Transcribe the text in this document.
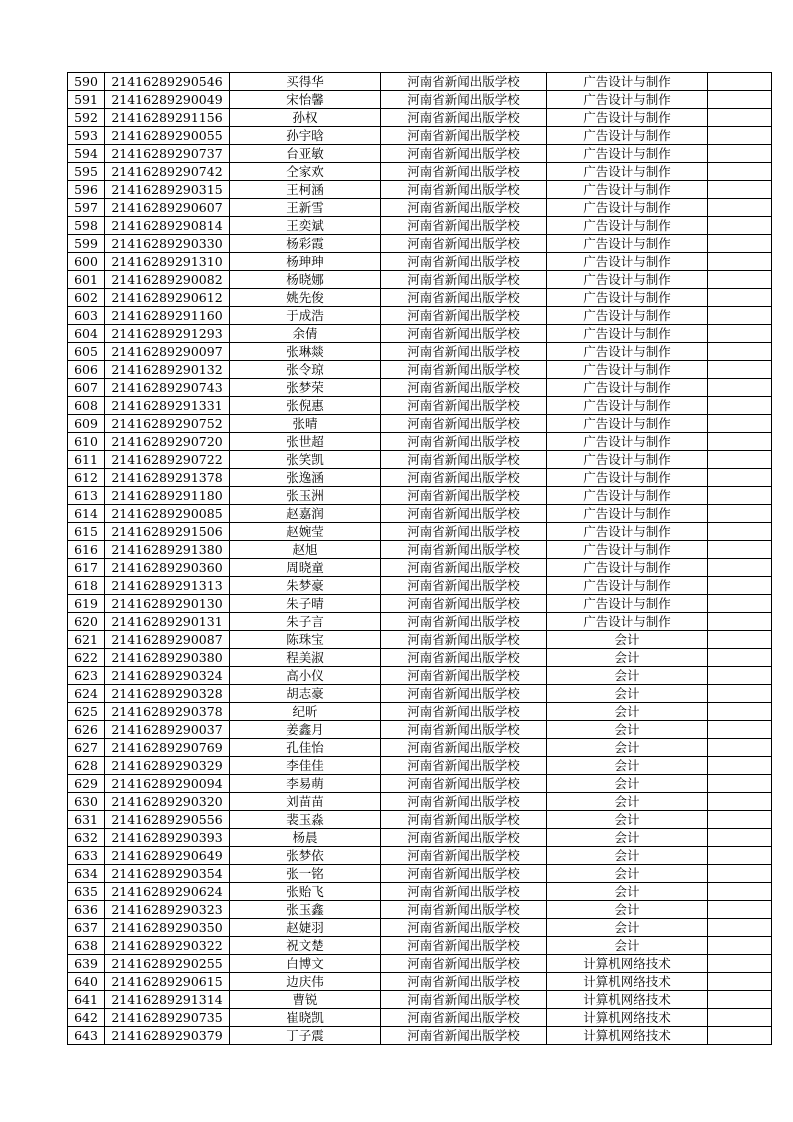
590	21416289290546	买得华	河南省新闻出版学校	广告设计与制作	
591	21416289290049	宋怡馨	河南省新闻出版学校	广告设计与制作	
592	21416289291156	孙权	河南省新闻出版学校	广告设计与制作	
593	21416289290055	孙宇晗	河南省新闻出版学校	广告设计与制作	
594	21416289290737	台亚敏	河南省新闻出版学校	广告设计与制作	
595	21416289290742	仝家欢	河南省新闻出版学校	广告设计与制作	
596	21416289290315	王柯涵	河南省新闻出版学校	广告设计与制作	
597	21416289290607	王新雪	河南省新闻出版学校	广告设计与制作	
598	21416289290814	王奕斌	河南省新闻出版学校	广告设计与制作	
599	21416289290330	杨彩霞	河南省新闻出版学校	广告设计与制作	
600	21416289291310	杨珅珅	河南省新闻出版学校	广告设计与制作	
601	21416289290082	杨晓娜	河南省新闻出版学校	广告设计与制作	
602	21416289290612	姚先俊	河南省新闻出版学校	广告设计与制作	
603	21416289291160	于成浩	河南省新闻出版学校	广告设计与制作	
604	21416289291293	余倩	河南省新闻出版学校	广告设计与制作	
605	21416289290097	张琳燚	河南省新闻出版学校	广告设计与制作	
606	21416289290132	张令琼	河南省新闻出版学校	广告设计与制作	
607	21416289290743	张梦荣	河南省新闻出版学校	广告设计与制作	
608	21416289291331	张倪惠	河南省新闻出版学校	广告设计与制作	
609	21416289290752	张晴	河南省新闻出版学校	广告设计与制作	
610	21416289290720	张世超	河南省新闻出版学校	广告设计与制作	
611	21416289290722	张笑凯	河南省新闻出版学校	广告设计与制作	
612	21416289291378	张逸涵	河南省新闻出版学校	广告设计与制作	
613	21416289291180	张玉洲	河南省新闻出版学校	广告设计与制作	
614	21416289290085	赵嘉润	河南省新闻出版学校	广告设计与制作	
615	21416289291506	赵婉莹	河南省新闻出版学校	广告设计与制作	
616	21416289291380	赵旭	河南省新闻出版学校	广告设计与制作	
617	21416289290360	周晓童	河南省新闻出版学校	广告设计与制作	
618	21416289291313	朱梦豪	河南省新闻出版学校	广告设计与制作	
619	21416289290130	朱子晴	河南省新闻出版学校	广告设计与制作	
620	21416289290131	朱子言	河南省新闻出版学校	广告设计与制作	
621	21416289290087	陈珠宝	河南省新闻出版学校	会计	
622	21416289290380	程美淑	河南省新闻出版学校	会计	
623	21416289290324	高小仪	河南省新闻出版学校	会计	
624	21416289290328	胡志豪	河南省新闻出版学校	会计	
625	21416289290378	纪昕	河南省新闻出版学校	会计	
626	21416289290037	姜鑫月	河南省新闻出版学校	会计	
627	21416289290769	孔佳怡	河南省新闻出版学校	会计	
628	21416289290329	李佳佳	河南省新闻出版学校	会计	
629	21416289290094	李易萌	河南省新闻出版学校	会计	
630	21416289290320	刘苗苗	河南省新闻出版学校	会计	
631	21416289290556	裴玉淼	河南省新闻出版学校	会计	
632	21416289290393	杨晨	河南省新闻出版学校	会计	
633	21416289290649	张梦依	河南省新闻出版学校	会计	
634	21416289290354	张一铭	河南省新闻出版学校	会计	
635	21416289290624	张贻飞	河南省新闻出版学校	会计	
636	21416289290323	张玉鑫	河南省新闻出版学校	会计	
637	21416289290350	赵婕羽	河南省新闻出版学校	会计	
638	21416289290322	祝文楚	河南省新闻出版学校	会计	
639	21416289290255	白博文	河南省新闻出版学校	计算机网络技术	
640	21416289290615	边庆伟	河南省新闻出版学校	计算机网络技术	
641	21416289291314	曹锐	河南省新闻出版学校	计算机网络技术	
642	21416289290735	崔晓凯	河南省新闻出版学校	计算机网络技术	
643	21416289290379	丁子震	河南省新闻出版学校	计算机网络技术	
